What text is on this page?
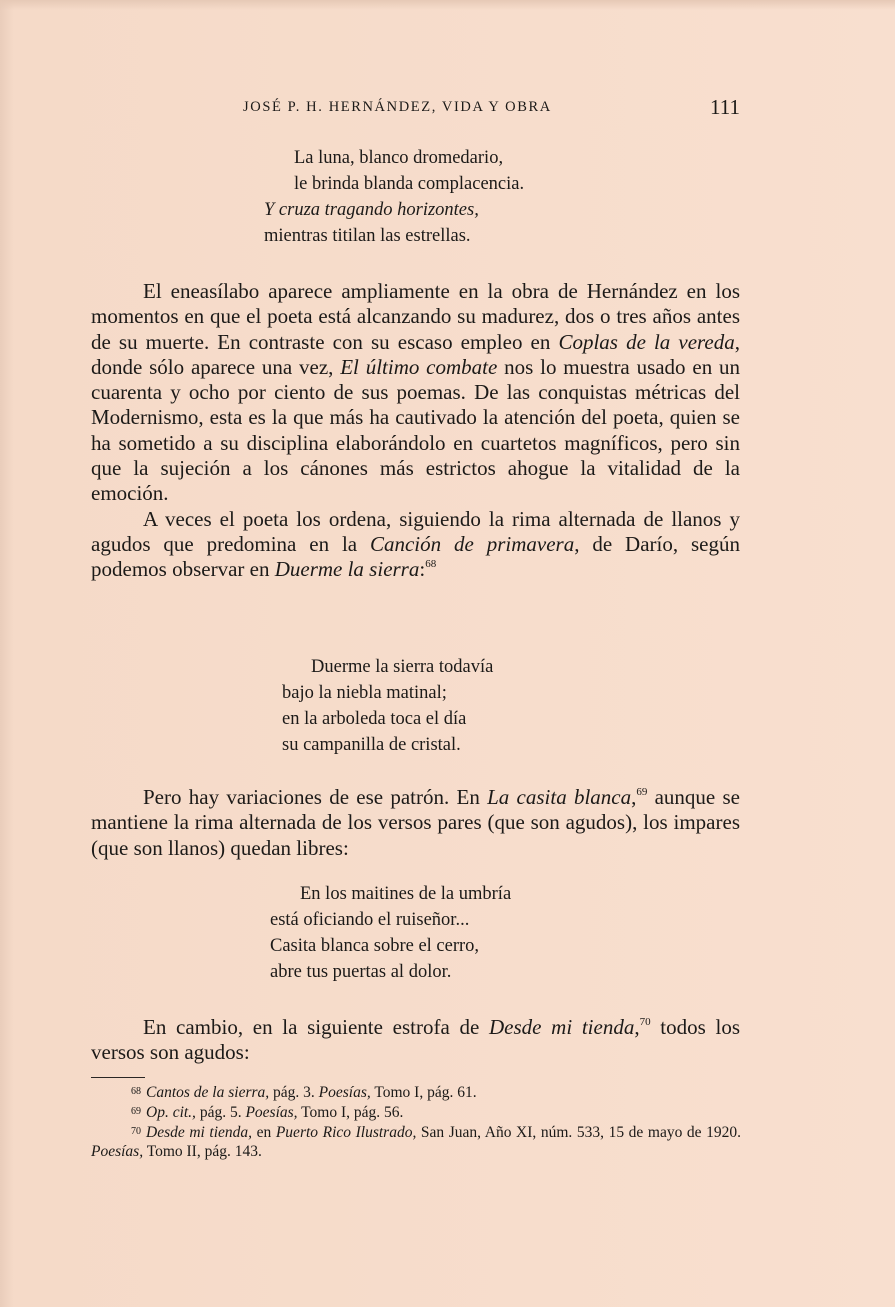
JOSÉ P. H. HERNÁNDEZ, VIDA Y OBRA	111
La luna, blanco dromedario,
le brinda blanda complacencia.
Y cruza tragando horizontes,
mientras titilan las estrellas.

El eneasílabo aparece ampliamente en la obra de Hernández en los momentos en que el poeta está alcanzando su madurez, dos o tres años antes de su muerte. En contraste con su escaso empleo en Coplas de la vereda, donde sólo aparece una vez, El último combate nos lo muestra usado en un cuarenta y ocho por ciento de sus poemas. De las conquistas métricas del Modernismo, esta es la que más ha cautivado la atención del poeta, quien se ha sometido a su disciplina elaborándolo en cuartetos magníficos, pero sin que la sujeción a los cánones más estrictos ahogue la vitalidad de la emoción.

A veces el poeta los ordena, siguiendo la rima alternada de llanos y agudos que predomina en la Canción de primavera, de Darío, según podemos observar en Duerme la sierra:$^{68}$

Duerme la sierra todavía
bajo la niebla matinal;
en la arboleda toca el día
su campanilla de cristal.

Pero hay variaciones de ese patrón. En La casita blanca,$^{69}$ aunque se mantiene la rima alternada de los versos pares (que son agudos), los impares (que son llanos) quedan libres:

En los maitines de la umbría
está oficiando el ruiseñor...
Casita blanca sobre el cerro,
abre tus puertas al dolor.

En cambio, en la siguiente estrofa de Desde mi tienda,$^{70}$ todos los versos son agudos:

68 Cantos de la sierra, pág. 3. Poesías, Tomo I, pág. 61.

69 Op. cit., pág. 5. Poesías, Tomo I, pág. 56.

70 Desde mi tienda, en Puerto Rico Ilustrado, San Juan, Año XI, núm. 533, 15 de mayo de 1920. Poesías, Tomo II, pág. 143.
